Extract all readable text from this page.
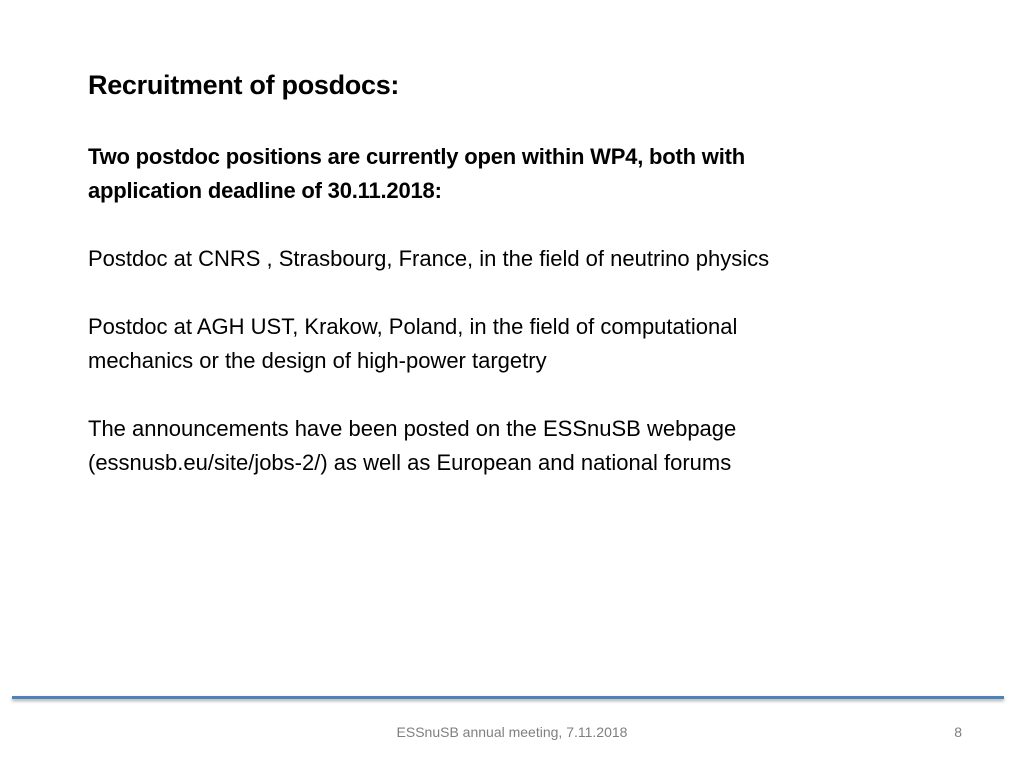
Recruitment of posdocs:

Two postdoc positions are currently open within WP4, both with

application deadline of 30.11.2018:

Postdoc at CNRS , Strasbourg, France, in the field of neutrino physics

Postdoc at AGH UST, Krakow, Poland, in the field of computational

mechanics or the design of high-power targetry

The announcements have been posted on the ESSnuSB webpage

(essnusb.eu/site/jobs-2/) as well as European and national forums

ESSnuSB annual meeting, 7.11.2018	8
